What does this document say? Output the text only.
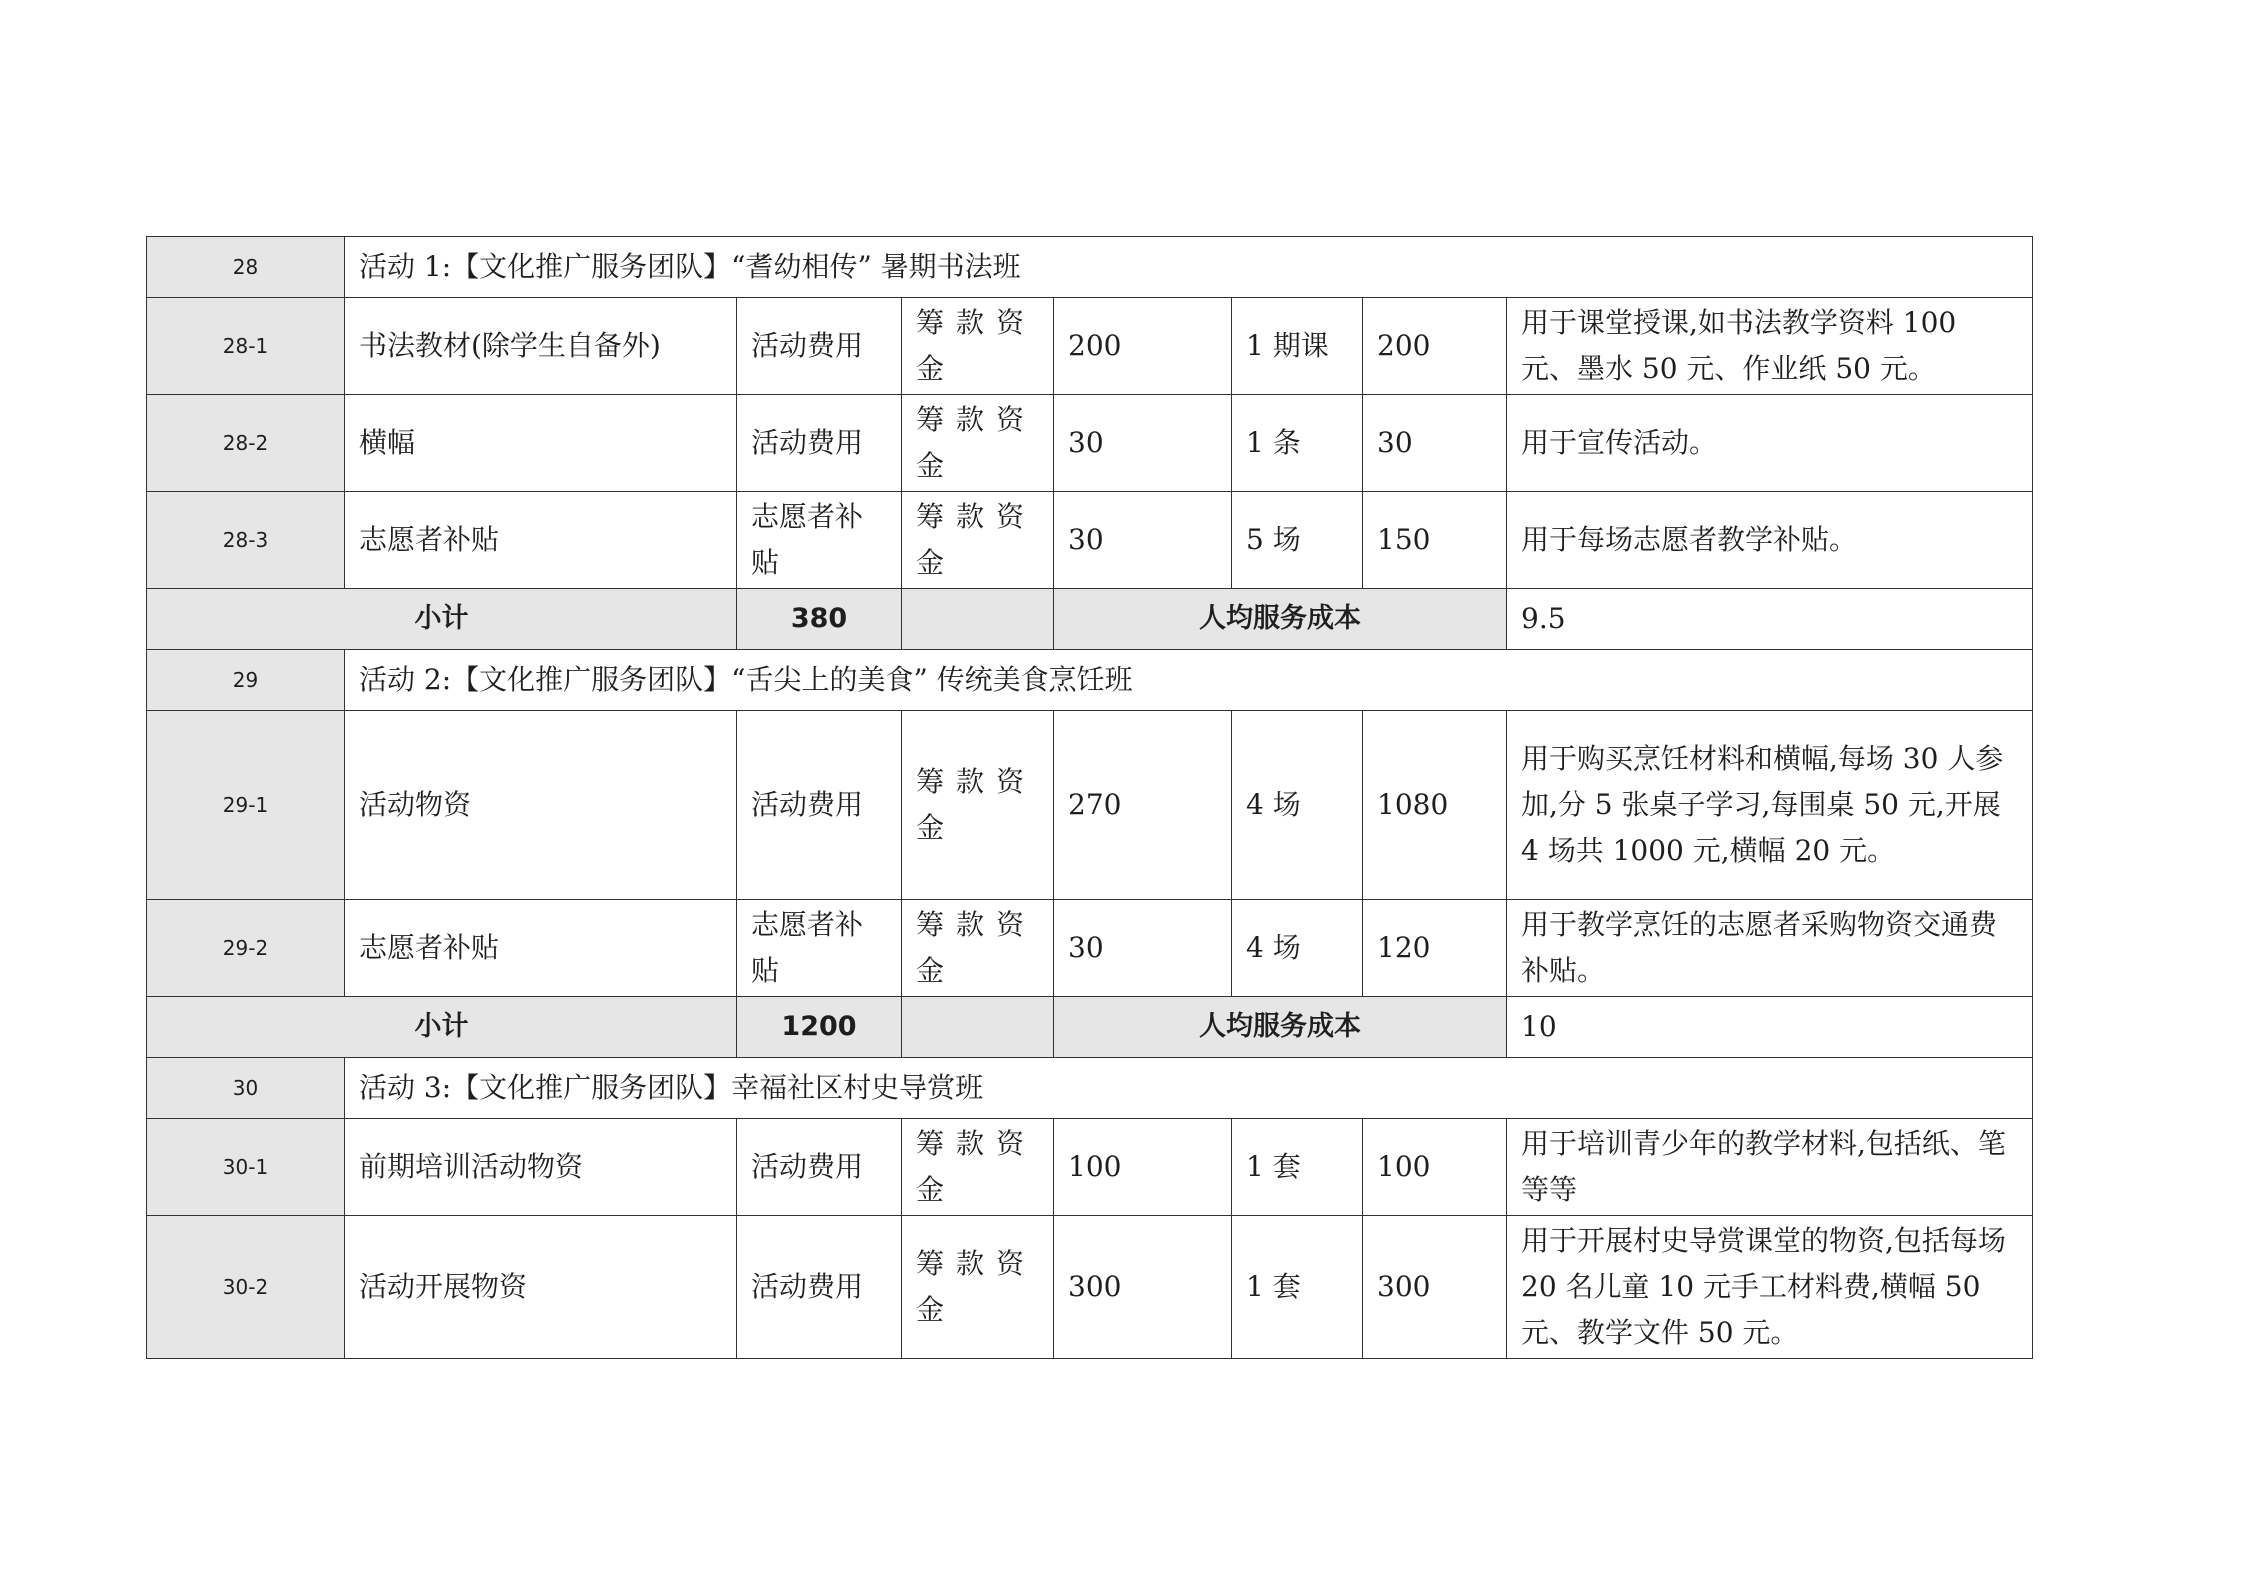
28	活动 1:【文化推广服务团队】“耆幼相传” 暑期书法班						
28-1	书法教材(除学生自备外)	活动费用	筹款资金	200	1 期课	200	用于课堂授课,如书法教学资料 100 元、墨水 50 元、作业纸 50 元。
28-2	横幅	活动费用	筹款资金	30	1 条	30	用于宣传活动。
28-3	志愿者补贴	志愿者补贴	筹款资金	30	5 场	150	用于每场志愿者教学补贴。
小计		380		人均服务成本			9.5
29	活动 2:【文化推广服务团队】“舌尖上的美食” 传统美食烹饪班						
29-1	活动物资	活动费用	筹款资金	270	4 场	1080	用于购买烹饪材料和横幅,每场 30 人参加,分 5 张桌子学习,每围桌 50 元,开展 4 场共 1000 元,横幅 20 元。
29-2	志愿者补贴	志愿者补贴	筹款资金	30	4 场	120	用于教学烹饪的志愿者采购物资交通费补贴。
小计		1200		人均服务成本			10
30	活动 3:【文化推广服务团队】幸福社区村史导赏班						
30-1	前期培训活动物资	活动费用	筹款资金	100	1 套	100	用于培训青少年的教学材料,包括纸、笔等等
30-2	活动开展物资	活动费用	筹款资金	300	1 套	300	用于开展村史导赏课堂的物资,包括每场 20 名儿童 10 元手工材料费,横幅 50 元、教学文件 50 元。
